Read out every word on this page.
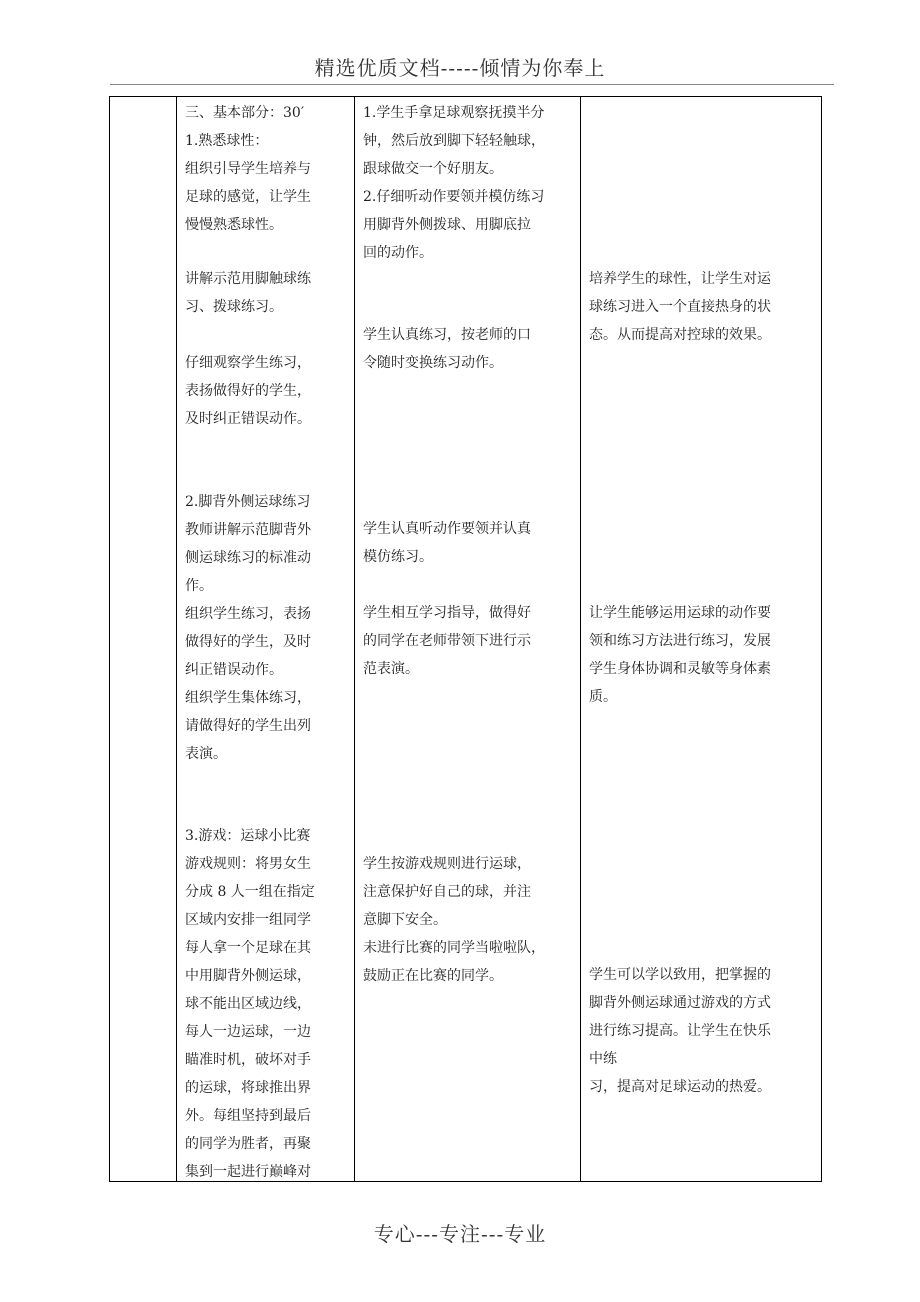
精选优质文档-----倾情为你奉上
三、基本部分：30′
1.熟悉球性：
组织引导学生培养与
足球的感觉，让学生
慢慢熟悉球性。
讲解示范用脚触球练
习、拨球练习。
仔细观察学生练习，
表扬做得好的学生，
及时纠正错误动作。
2.脚背外侧运球练习
教师讲解示范脚背外
侧运球练习的标准动
作。
组织学生练习，表扬
做得好的学生，及时
纠正错误动作。
组织学生集体练习，
请做得好的学生出列
表演。
3.游戏：运球小比赛
游戏规则：将男女生
分成 8 人一组在指定
区域内安排一组同学
每人拿一个足球在其
中用脚背外侧运球，
球不能出区域边线，
每人一边运球，一边
瞄准时机，破坏对手
的运球，将球推出界
外。每组坚持到最后
的同学为胜者，再聚
集到一起进行巅峰对
1.学生手拿足球观察抚摸半分
钟，然后放到脚下轻轻触球，
跟球做交一个好朋友。
2.仔细听动作要领并模仿练习
用脚背外侧拨球、用脚底拉
回的动作。
学生认真练习，按老师的口
令随时变换练习动作。
学生认真听动作要领并认真
模仿练习。
学生相互学习指导，做得好
的同学在老师带领下进行示
范表演。
学生按游戏规则进行运球，
注意保护好自己的球，并注
意脚下安全。
未进行比赛的同学当啦啦队，
鼓励正在比赛的同学。
培养学生的球性，让学生对运
球练习进入一个直接热身的状
态。从而提高对控球的效果。
让学生能够运用运球的动作要
领和练习方法进行练习，发展
学生身体协调和灵敏等身体素
质。
学生可以学以致用，把掌握的
脚背外侧运球通过游戏的方式
进行练习提高。让学生在快乐
中练
习，提高对足球运动的热爱。
专心---专注---专业
